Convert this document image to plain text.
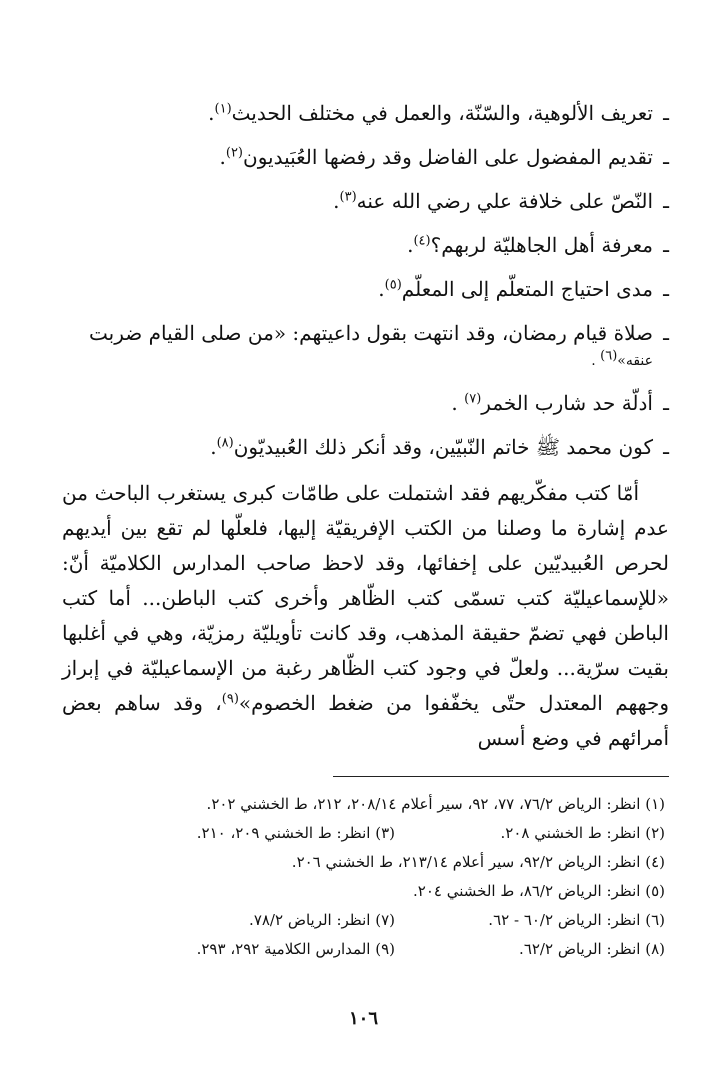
ـ
تعريف الألوهية، والسّنّة، والعمل في مختلف الحديث$^{(١)}$.
ـ
تقديم المفضول على الفاضل وقد رفضها العُبَيديون$^{(٢)}$.
ـ
النّصّ على خلافة علي رضي الله عنه$^{(٣)}$.
ـ
معرفة أهل الجاهليّة لربهم؟$^{(٤)}$.
ـ
مدى احتياج المتعلّم إلى المعلّم$^{(٥)}$.
ـ
صلاة قيام رمضان، وقد انتهت بقول داعيتهم: «من صلى القيام ضربت
عنقه»(٦) .
ـ
أدلّة حد شارب الخمر$^{(٧)}$ .
ـ
كون محمد ﷺ خاتم النّبيّين، وقد أنكر ذلك العُبيديّون$^{(٨)}$.

أمّا كتب مفكّريهم فقد اشتملت على طامّات كبرى يستغرب الباحث من عدم إشارة ما وصلنا من الكتب الإفريقيّة إليها، فلعلّها لم تقع بين أيديهم لحرص العُبيديّين على إخفائها، وقد لاحظ صاحب المدارس الكلاميّة أنّ: «للإسماعيليّة كتب تسمّى كتب الظّاهر وأخرى كتب الباطن... أما كتب الباطن فهي تضمّ حقيقة المذهب، وقد كانت تأويليّة رمزيّة، وهي في أغلبها بقيت سرّية... ولعلّ في وجود كتب الظّاهر رغبة من الإسماعيليّة في إبراز وجههم المعتدل حتّى يخفّفوا من ضغط الخصوم»$^{(٩)}$، وقد ساهم بعض أمرائهم في وضع أسس

(١) انظر: الرياض ٧٦/٢، ٧٧، ٩٢، سير أعلام ٢٠٨/١٤، ٢١٢، ط الخشني ٢٠٢.
(٢) انظر: ط الخشني ٢٠٨.
(٣) انظر: ط الخشني ٢٠٩، ٢١٠.
(٤) انظر: الرياض ٩٢/٢، سير أعلام ٢١٣/١٤، ط الخشني ٢٠٦.
(٥) انظر: الرياض ٨٦/٢، ط الخشني ٢٠٤.
(٦) انظر: الرياض ٦٠/٢ - ٦٢.
(٧) انظر: الرياض ٧٨/٢.
(٨) انظر: الرياض ٦٢/٢.
(٩) المدارس الكلامية ٢٩٢، ٢٩٣.
١٠٦
